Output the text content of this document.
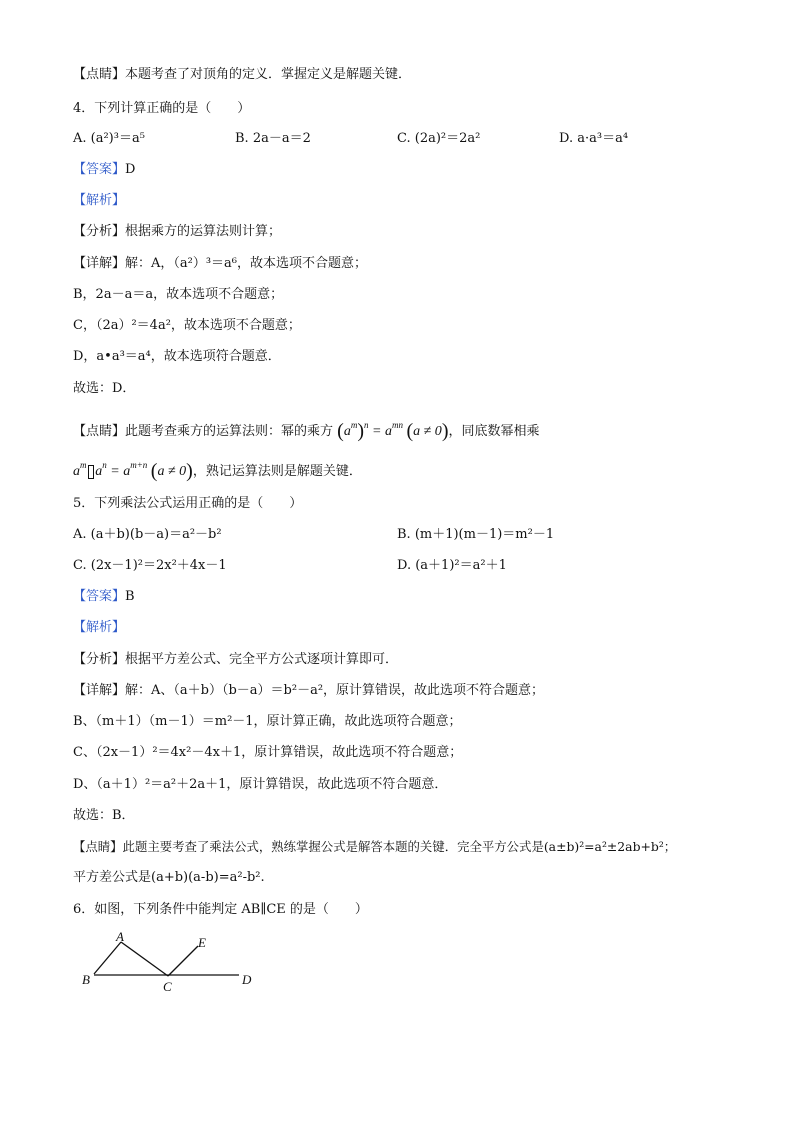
【点睛】本题考查了对顶角的定义．掌握定义是解题关键．
4．下列计算正确的是（　　）
A. (a²)³＝a⁵	B. 2a－a＝2	C. (2a)²＝2a²	D. a·a³＝a⁴
【答案】D
【解析】
【分析】根据乘方的运算法则计算；
【详解】解：A，（a²）³＝a⁶，故本选项不合题意；
B，2a－a＝a，故本选项不合题意；
C，（2a）²＝4a²，故本选项不合题意；
D，a•a³＝a⁴，故本选项符合题意．
故选：D．
【点睛】此题考查乘方的运算法则：幂的乘方 $(a^m)^n = a^{mn}$ (a ≠ 0)，同底数幂相乘
$a^m$ $a^n = a^{m+n}$ (a ≠ 0)，熟记运算法则是解题关键．
5．下列乘法公式运用正确的是（　　）
A. (a＋b)(b－a)＝a²－b²	B. (m＋1)(m－1)＝m²－1
C. (2x－1)²＝2x²＋4x－1	D. (a＋1)²＝a²＋1
【答案】B
【解析】
【分析】根据平方差公式、完全平方公式逐项计算即可．
【详解】解：A、（a＋b）（b－a）＝b²－a²，原计算错误，故此选项不符合题意；
B、（m＋1）（m－1）＝m²－1，原计算正确，故此选项符合题意；
C、（2x－1）²＝4x²－4x＋1，原计算错误，故此选项不符合题意；
D、（a＋1）²＝a²＋2a＋1，原计算错误，故此选项不符合题意．
故选：B．
【点睛】此题主要考查了乘法公式，熟练掌握公式是解答本题的关键．完全平方公式是(a±b)²=a²±2ab+b²；
平方差公式是(a+b)(a-b)=a²-b².
6．如图，下列条件中能判定 AB∥CE 的是（　　）
A
B	C	D
E
